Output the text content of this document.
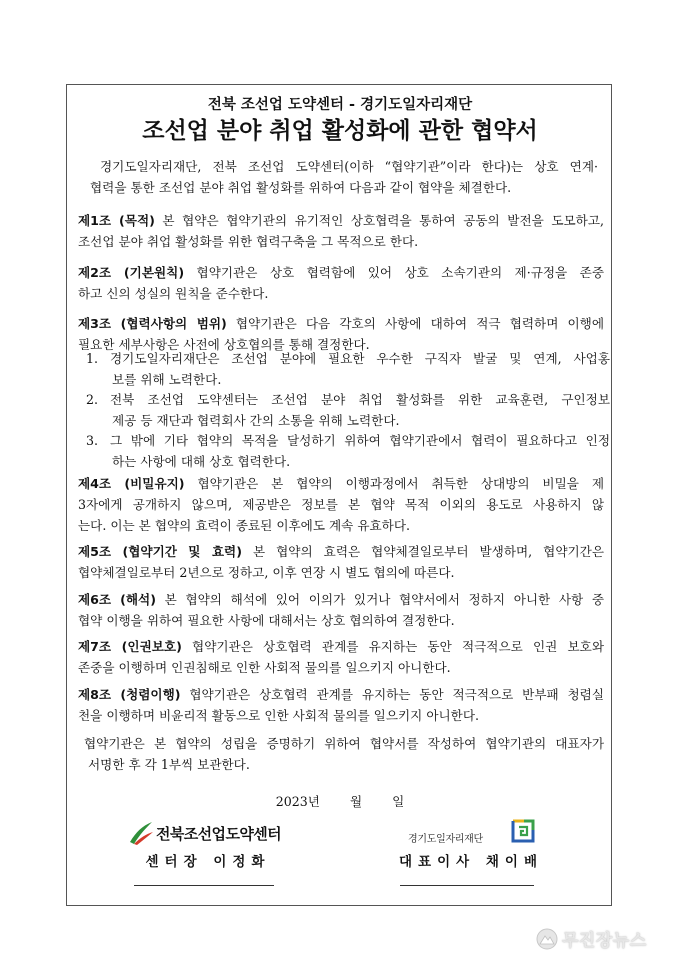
전북 조선업 도약센터 - 경기도일자리재단
조선업 분야 취업 활성화에 관한 협약서
경기도일자리재단, 전북 조선업 도약센터(이하 “협약기관”이라 한다)는 상호 연계·
협력을 통한 조선업 분야 취업 활성화를 위하여 다음과 같이 협약을 체결한다.
제1조 (목적) 본 협약은 협약기관의 유기적인 상호협력을 통하여 공동의 발전을 도모하고,
조선업 분야 취업 활성화를 위한 협력구축을 그 목적으로 한다.
제2조 (기본원칙) 협약기관은 상호 협력함에 있어 상호 소속기관의 제·규정을 존중
하고 신의 성실의 원칙을 준수한다.
제3조 (협력사항의 범위) 협약기관은 다음 각호의 사항에 대하여 적극 협력하며 이행에
필요한 세부사항은 사전에 상호협의를 통해 결정한다.
1. 경기도일자리재단은 조선업 분야에 필요한 우수한 구직자 발굴 및 연계, 사업홍
보를 위해 노력한다.
2. 전북 조선업 도약센터는 조선업 분야 취업 활성화를 위한 교육훈련, 구인정보
제공 등 재단과 협력회사 간의 소통을 위해 노력한다.
3. 그 밖에 기타 협약의 목적을 달성하기 위하여 협약기관에서 협력이 필요하다고 인정
하는 사항에 대해 상호 협력한다.
제4조 (비밀유지) 협약기관은 본 협약의 이행과정에서 취득한 상대방의 비밀을 제
3자에게 공개하지 않으며, 제공받은 정보를 본 협약 목적 이외의 용도로 사용하지 않
는다. 이는 본 협약의 효력이 종료된 이후에도 계속 유효하다.
제5조 (협약기간 및 효력) 본 협약의 효력은 협약체결일로부터 발생하며, 협약기간은
협약체결일로부터 2년으로 정하고, 이후 연장 시 별도 협의에 따른다.
제6조 (해석) 본 협약의 해석에 있어 이의가 있거나 협약서에서 정하지 아니한 사항 중
협약 이행을 위하여 필요한 사항에 대해서는 상호 협의하여 결정한다.
제7조 (인권보호) 협약기관은 상호협력 관계를 유지하는 동안 적극적으로 인권 보호와
존중을 이행하며 인권침해로 인한 사회적 물의를 일으키지 아니한다.
제8조 (청렴이행) 협약기관은 상호협력 관계를 유지하는 동안 적극적으로 반부패 청렴실
천을 이행하며 비윤리적 활동으로 인한 사회적 물의를 일으키지 아니한다.
협약기관은 본 협약의 성립을 증명하기 위하여 협약서를 작성하여 협약기관의 대표자가
서명한 후 각 1부씩 보관한다.
2023년 월 일
전북조선업도약센터	경기도일자리재단
센터장 이정화	대표이사 채이배
무진장뉴스
